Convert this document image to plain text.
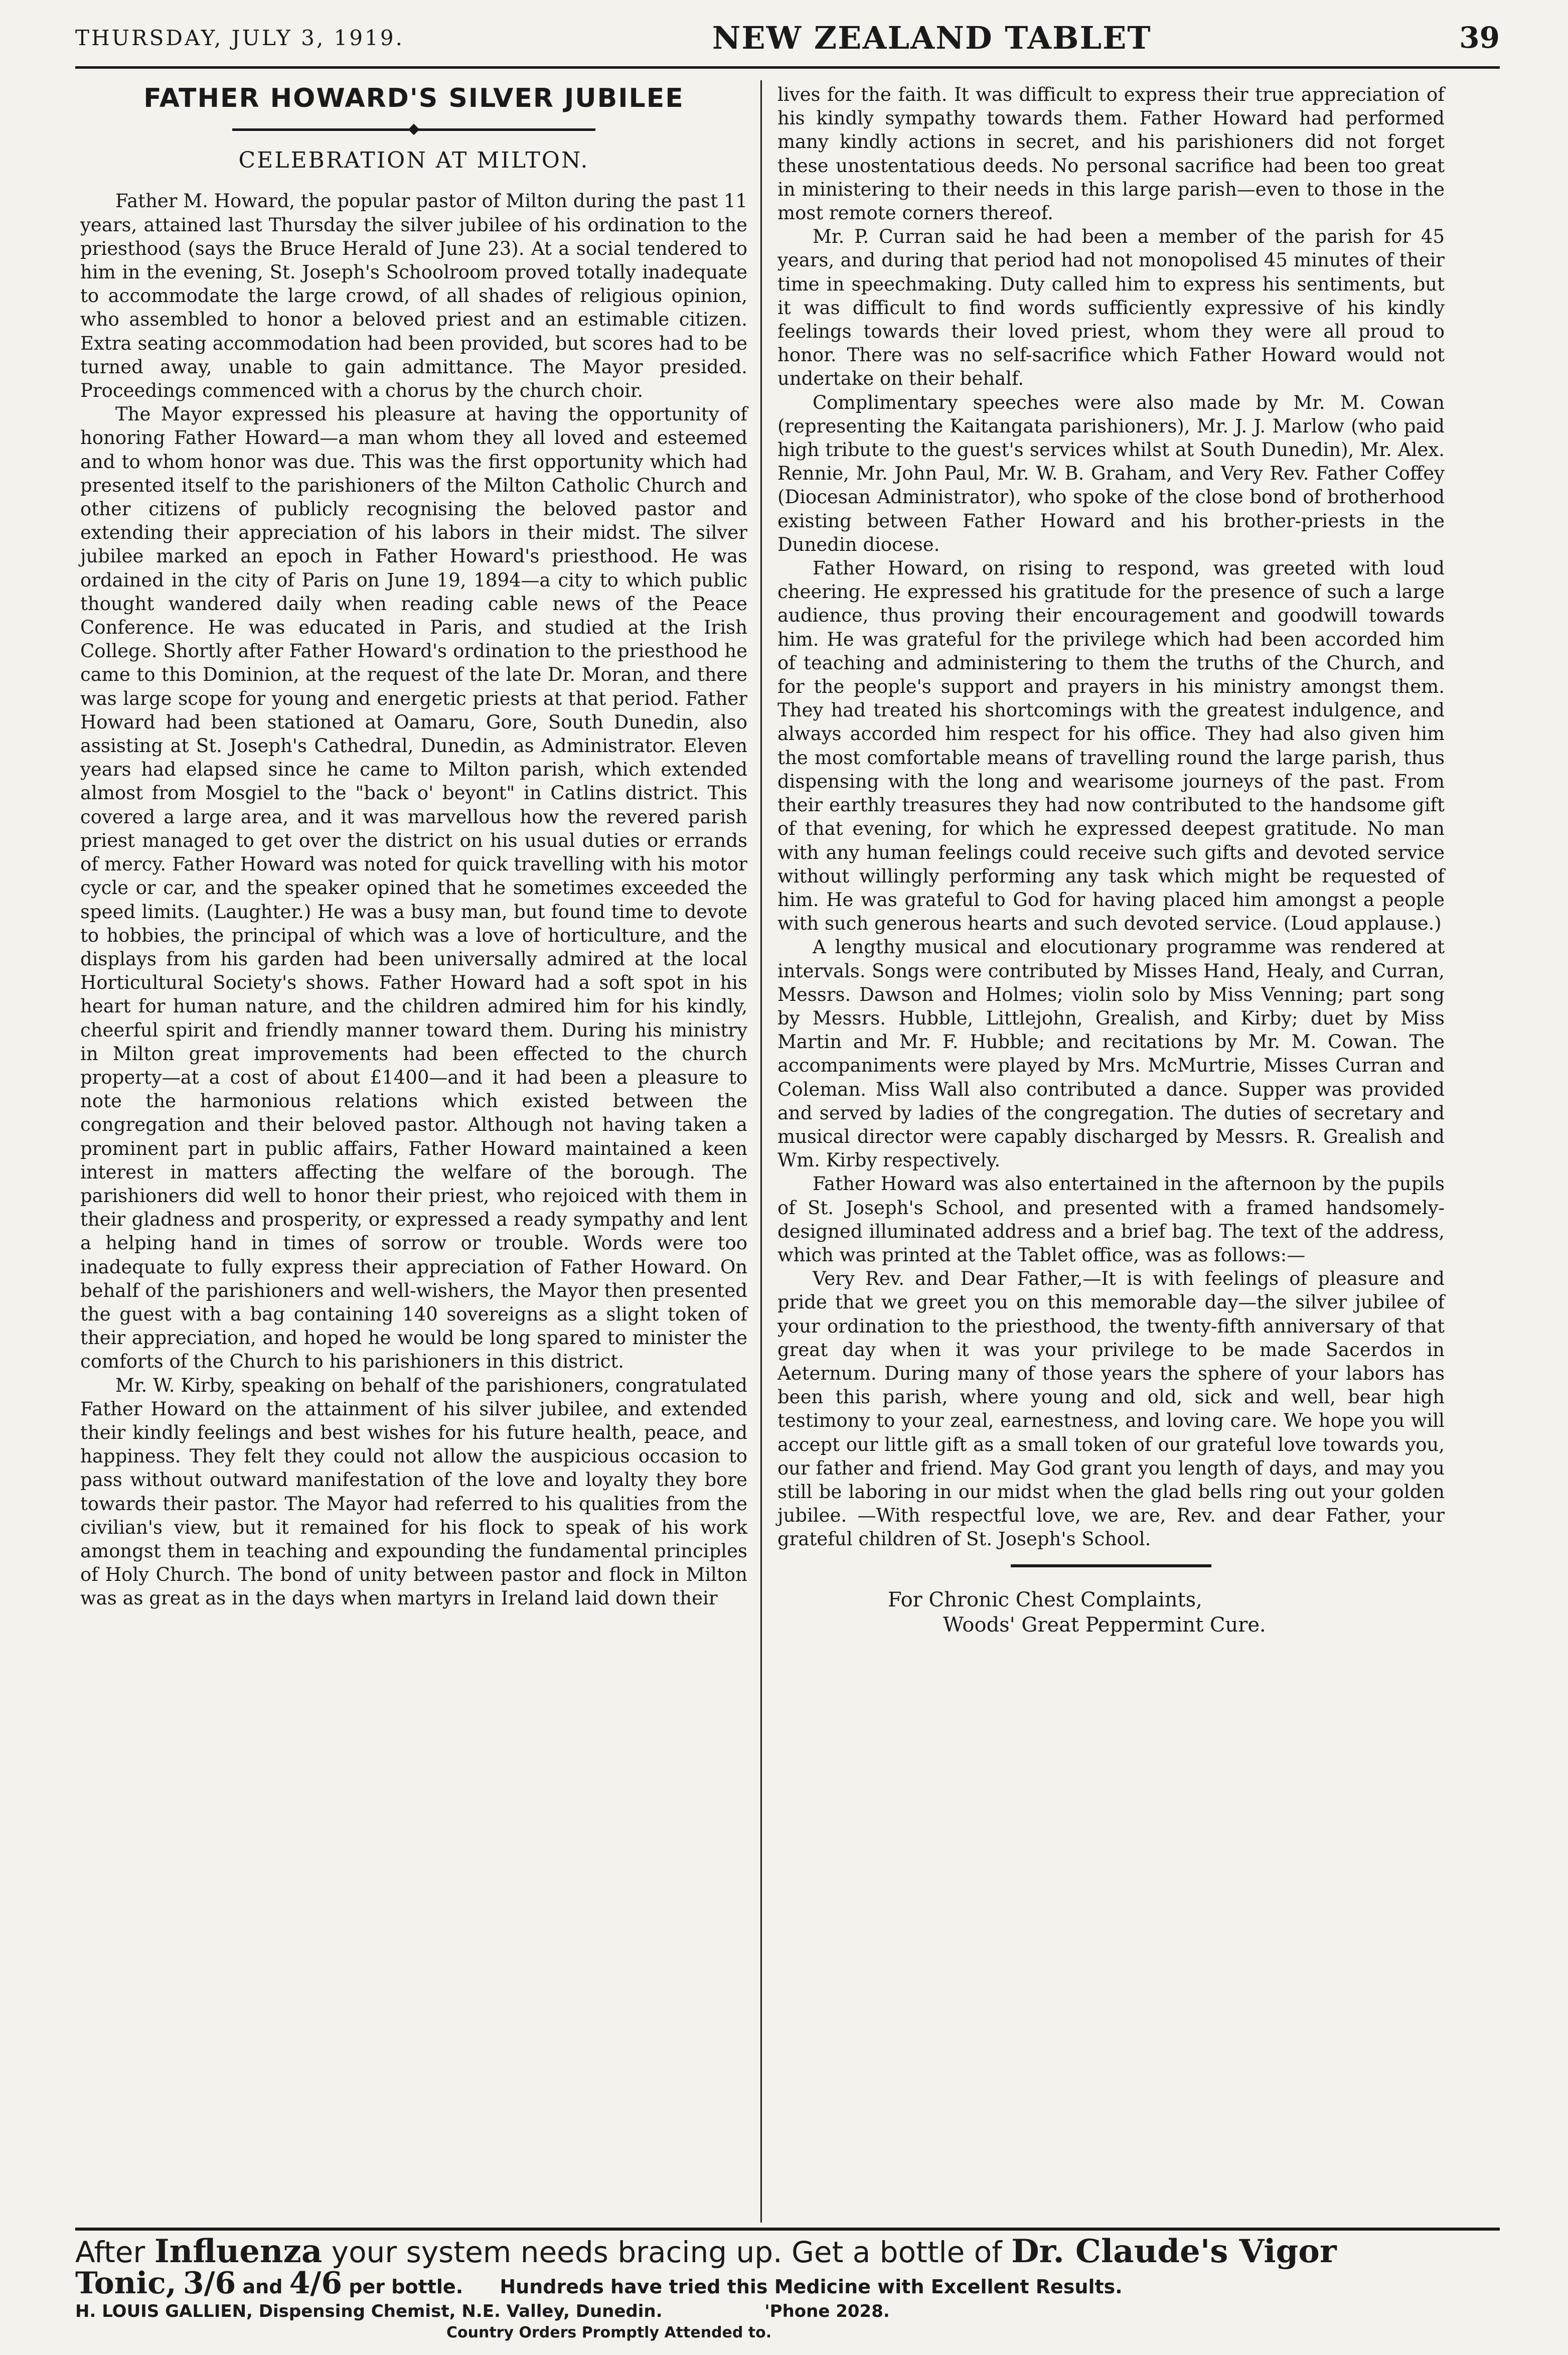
THURSDAY, JULY 3, 1919.	NEW ZEALAND TABLET	39
FATHER HOWARD'S SILVER JUBILEE
CELEBRATION AT MILTON.

Father M. Howard, the popular pastor of Milton during the past 11 years, attained last Thursday the silver jubilee of his ordination to the priesthood (says the Bruce Herald of June 23). At a social tendered to him in the evening, St. Joseph's Schoolroom proved totally inadequate to accommodate the large crowd, of all shades of religious opinion, who assembled to honor a beloved priest and an estimable citizen. Extra seating accommodation had been provided, but scores had to be turned away, unable to gain admittance. The Mayor presided. Proceedings commenced with a chorus by the church choir.

The Mayor expressed his pleasure at having the opportunity of honoring Father Howard—a man whom they all loved and esteemed and to whom honor was due. This was the first opportunity which had presented itself to the parishioners of the Milton Catholic Church and other citizens of publicly recognising the beloved pastor and extending their appreciation of his labors in their midst. The silver jubilee marked an epoch in Father Howard's priesthood. He was ordained in the city of Paris on June 19, 1894—a city to which public thought wandered daily when reading cable news of the Peace Conference. He was educated in Paris, and studied at the Irish College. Shortly after Father Howard's ordination to the priesthood he came to this Dominion, at the request of the late Dr. Moran, and there was large scope for young and energetic priests at that period. Father Howard had been stationed at Oamaru, Gore, South Dunedin, also assisting at St. Joseph's Cathedral, Dunedin, as Administrator. Eleven years had elapsed since he came to Milton parish, which extended almost from Mosgiel to the "back o' beyont" in Catlins district. This covered a large area, and it was marvellous how the revered parish priest managed to get over the district on his usual duties or errands of mercy. Father Howard was noted for quick travelling with his motor cycle or car, and the speaker opined that he sometimes exceeded the speed limits. (Laughter.) He was a busy man, but found time to devote to hobbies, the principal of which was a love of horticulture, and the displays from his garden had been universally admired at the local Horticultural Society's shows. Father Howard had a soft spot in his heart for human nature, and the children admired him for his kindly, cheerful spirit and friendly manner toward them. During his ministry in Milton great improvements had been effected to the church property—at a cost of about £1400—and it had been a pleasure to note the harmonious relations which existed between the congregation and their beloved pastor. Although not having taken a prominent part in public affairs, Father Howard maintained a keen interest in matters affecting the welfare of the borough. The parishioners did well to honor their priest, who rejoiced with them in their gladness and prosperity, or expressed a ready sympathy and lent a helping hand in times of sorrow or trouble. Words were too inadequate to fully express their appreciation of Father Howard. On behalf of the parishioners and well-wishers, the Mayor then presented the guest with a bag containing 140 sovereigns as a slight token of their appreciation, and hoped he would be long spared to minister the comforts of the Church to his parishioners in this district.

Mr. W. Kirby, speaking on behalf of the parishioners, congratulated Father Howard on the attainment of his silver jubilee, and extended their kindly feelings and best wishes for his future health, peace, and happiness. They felt they could not allow the auspicious occasion to pass without outward manifestation of the love and loyalty they bore towards their pastor. The Mayor had referred to his qualities from the civilian's view, but it remained for his flock to speak of his work amongst them in teaching and expounding the fundamental principles of Holy Church. The bond of unity between pastor and flock in Milton was as great as in the days when martyrs in Ireland laid down their

lives for the faith. It was difficult to express their true appreciation of his kindly sympathy towards them. Father Howard had performed many kindly actions in secret, and his parishioners did not forget these unostentatious deeds. No personal sacrifice had been too great in ministering to their needs in this large parish—even to those in the most remote corners thereof.

Mr. P. Curran said he had been a member of the parish for 45 years, and during that period had not monopolised 45 minutes of their time in speechmaking. Duty called him to express his sentiments, but it was difficult to find words sufficiently expressive of his kindly feelings towards their loved priest, whom they were all proud to honor. There was no self-sacrifice which Father Howard would not undertake on their behalf.

Complimentary speeches were also made by Mr. M. Cowan (representing the Kaitangata parishioners), Mr. J. J. Marlow (who paid high tribute to the guest's services whilst at South Dunedin), Mr. Alex. Rennie, Mr. John Paul, Mr. W. B. Graham, and Very Rev. Father Coffey (Diocesan Administrator), who spoke of the close bond of brotherhood existing between Father Howard and his brother-priests in the Dunedin diocese.

Father Howard, on rising to respond, was greeted with loud cheering. He expressed his gratitude for the presence of such a large audience, thus proving their encouragement and goodwill towards him. He was grateful for the privilege which had been accorded him of teaching and administering to them the truths of the Church, and for the people's support and prayers in his ministry amongst them. They had treated his shortcomings with the greatest indulgence, and always accorded him respect for his office. They had also given him the most comfortable means of travelling round the large parish, thus dispensing with the long and wearisome journeys of the past. From their earthly treasures they had now contributed to the handsome gift of that evening, for which he expressed deepest gratitude. No man with any human feelings could receive such gifts and devoted service without willingly performing any task which might be requested of him. He was grateful to God for having placed him amongst a people with such generous hearts and such devoted service. (Loud applause.)

A lengthy musical and elocutionary programme was rendered at intervals. Songs were contributed by Misses Hand, Healy, and Curran, Messrs. Dawson and Holmes; violin solo by Miss Venning; part song by Messrs. Hubble, Littlejohn, Grealish, and Kirby; duet by Miss Martin and Mr. F. Hubble; and recitations by Mr. M. Cowan. The accompaniments were played by Mrs. McMurtrie, Misses Curran and Coleman. Miss Wall also contributed a dance. Supper was provided and served by ladies of the congregation. The duties of secretary and musical director were capably discharged by Messrs. R. Grealish and Wm. Kirby respectively.

Father Howard was also entertained in the afternoon by the pupils of St. Joseph's School, and presented with a framed handsomely-designed illuminated address and a brief bag. The text of the address, which was printed at the Tablet office, was as follows:—

Very Rev. and Dear Father,—It is with feelings of pleasure and pride that we greet you on this memorable day—the silver jubilee of your ordination to the priesthood, the twenty-fifth anniversary of that great day when it was your privilege to be made Sacerdos in Aeternum. During many of those years the sphere of your labors has been this parish, where young and old, sick and well, bear high testimony to your zeal, earnestness, and loving care. We hope you will accept our little gift as a small token of our grateful love towards you, our father and friend. May God grant you length of days, and may you still be laboring in our midst when the glad bells ring out your golden jubilee. —With respectful love, we are, Rev. and dear Father, your grateful children of St. Joseph's School.

For Chronic Chest Complaints,
Woods' Great Peppermint Cure.
After Influenza your system needs bracing up. Get a bottle of Dr. Claude's Vigor
Tonic, 3/6 and 4/6 per bottle. Hundreds have tried this Medicine with Excellent Results.
H. LOUIS GALLIEN, Dispensing Chemist, N.E. Valley, Dunedin.	'Phone 2028.
Country Orders Promptly Attended to.
